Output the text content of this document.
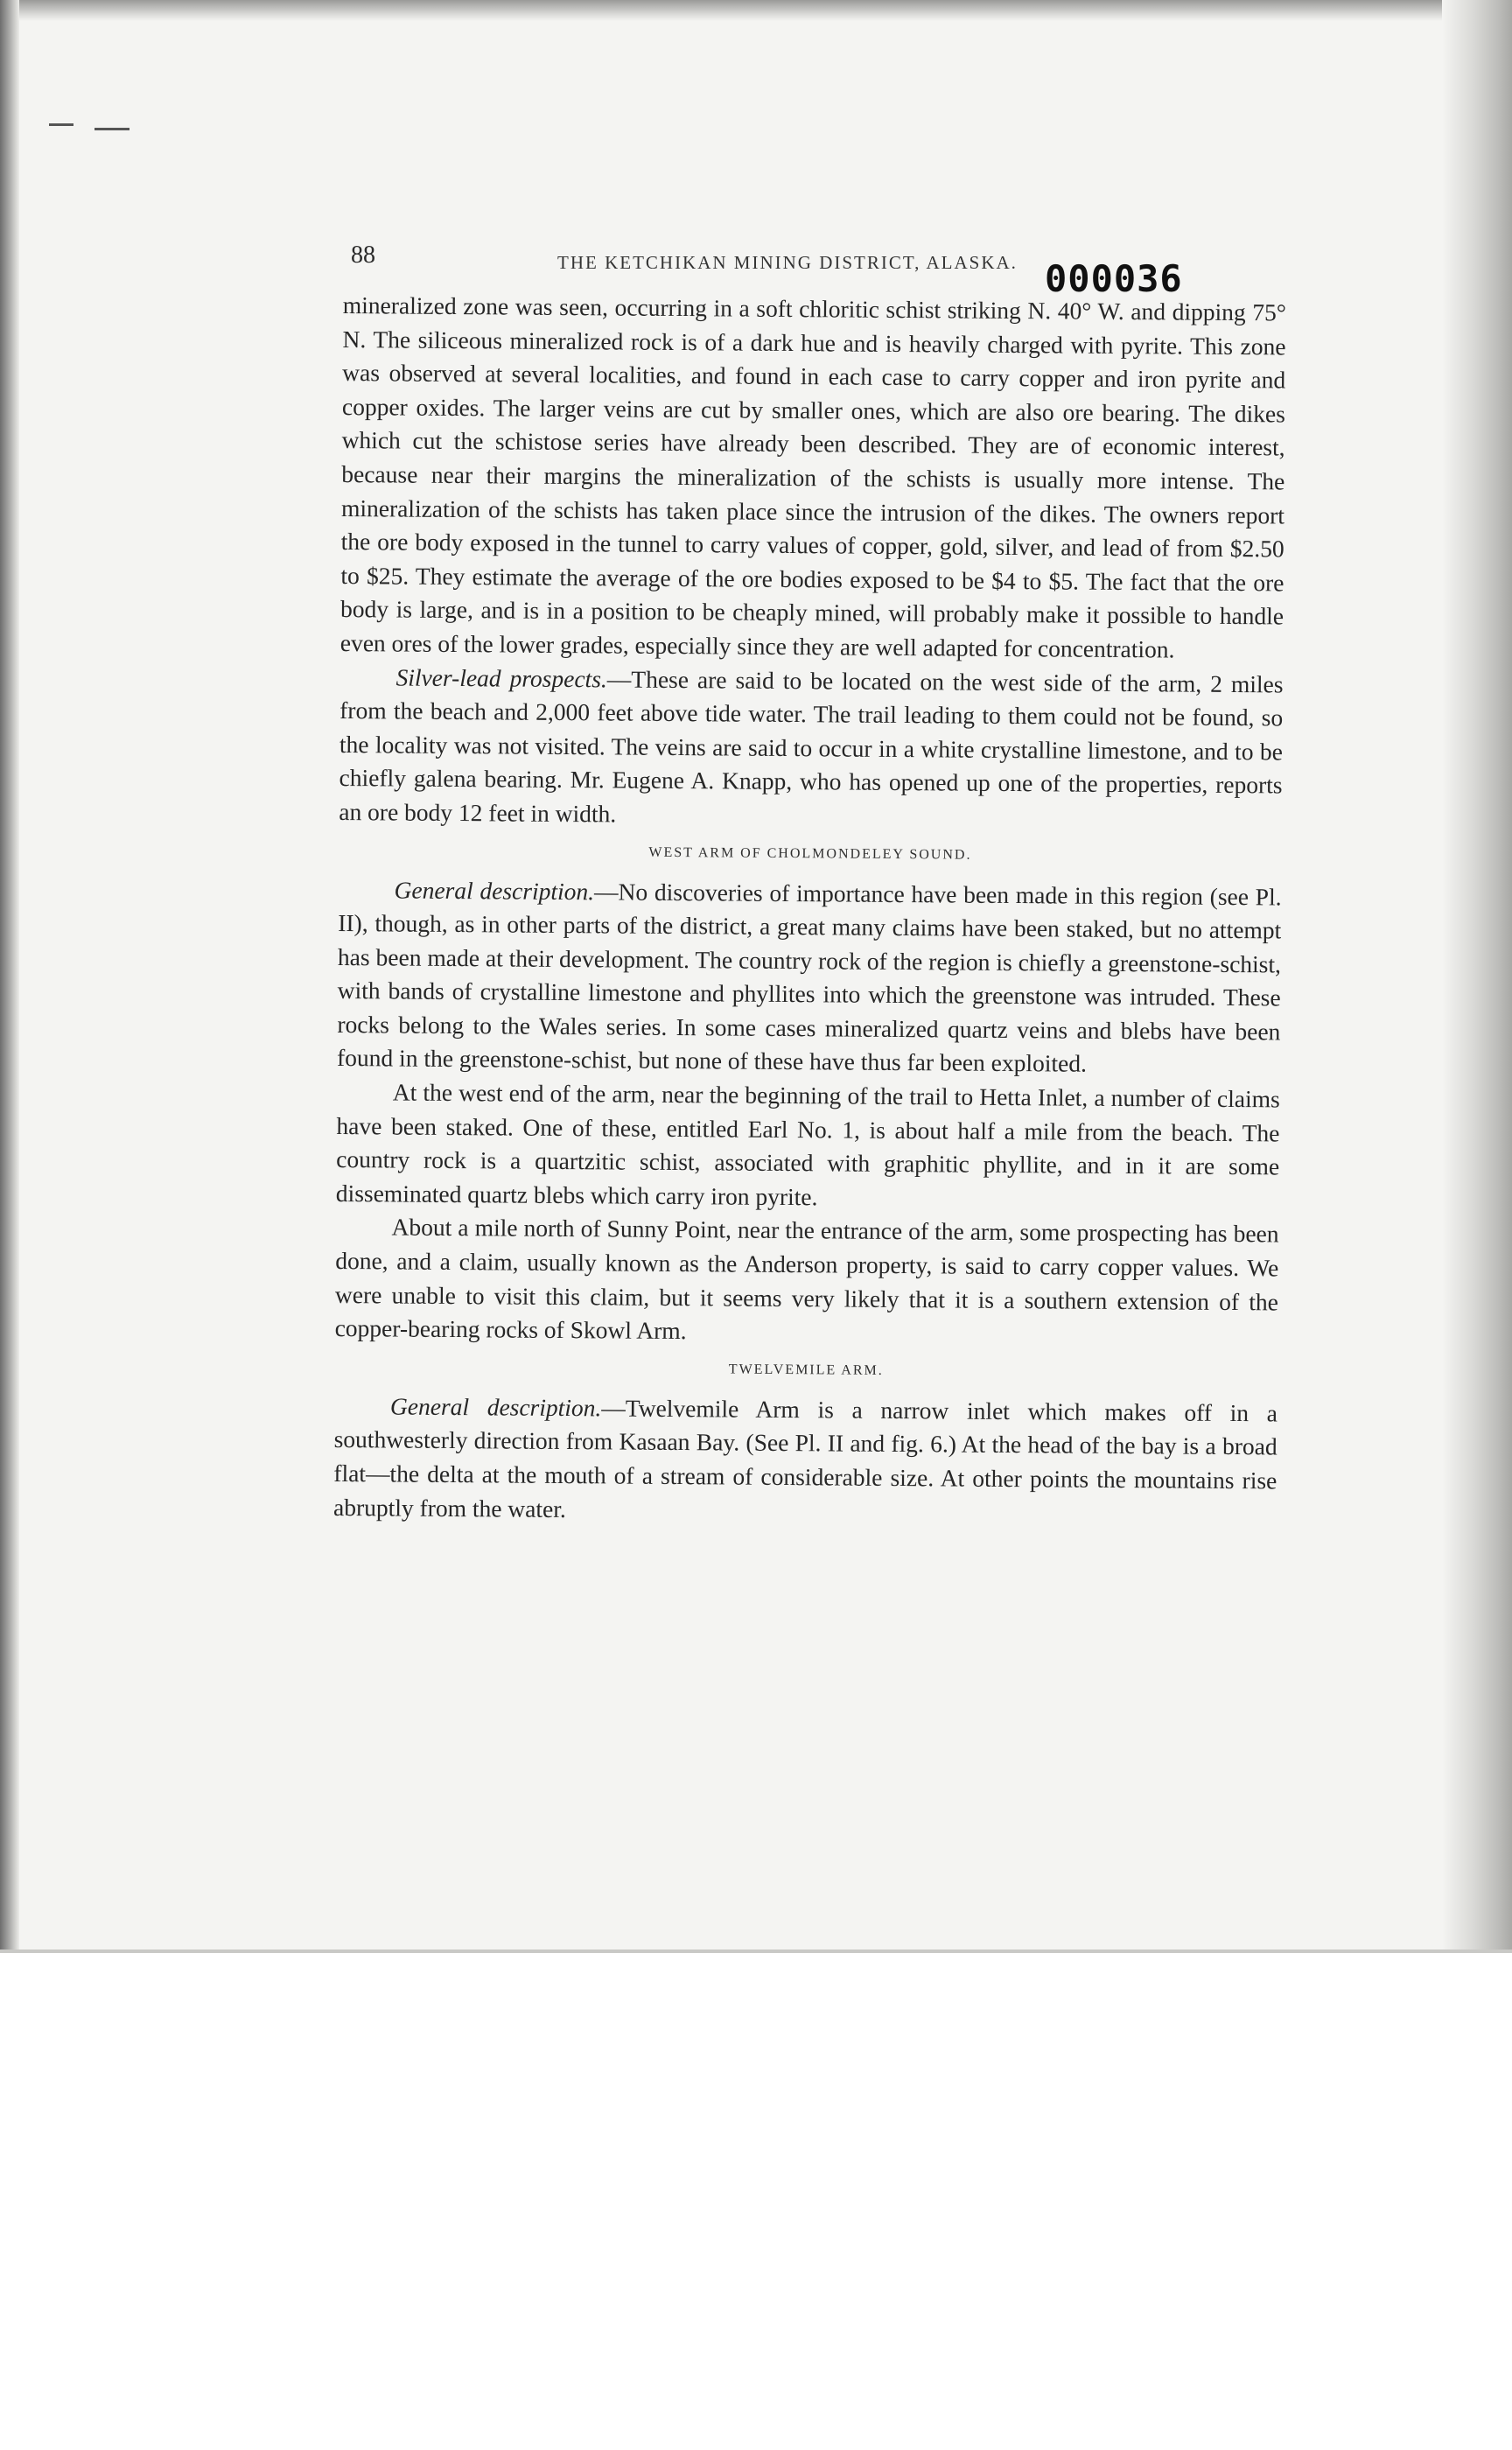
88	THE KETCHIKAN MINING DISTRICT, ALASKA. 000036

mineralized zone was seen, occurring in a soft chloritic schist striking N. 40° W. and dipping 75° N. The siliceous mineralized rock is of a dark hue and is heavily charged with pyrite. This zone was observed at several localities, and found in each case to carry copper and iron pyrite and copper oxides. The larger veins are cut by smaller ones, which are also ore bearing. The dikes which cut the schistose series have already been described. They are of economic interest, because near their margins the mineralization of the schists is usually more intense. The mineralization of the schists has taken place since the intrusion of the dikes. The owners report the ore body exposed in the tunnel to carry values of copper, gold, silver, and lead of from $2.50 to $25. They estimate the average of the ore bodies exposed to be $4 to $5. The fact that the ore body is large, and is in a position to be cheaply mined, will probably make it possible to handle even ores of the lower grades, especially since they are well adapted for concentration.

Silver-lead prospects.—These are said to be located on the west side of the arm, 2 miles from the beach and 2,000 feet above tide water. The trail leading to them could not be found, so the locality was not visited. The veins are said to occur in a white crystalline limestone, and to be chiefly galena bearing. Mr. Eugene A. Knapp, who has opened up one of the properties, reports an ore body 12 feet in width.

WEST ARM OF CHOLMONDELEY SOUND.

General description.—No discoveries of importance have been made in this region (see Pl. II), though, as in other parts of the district, a great many claims have been staked, but no attempt has been made at their development. The country rock of the region is chiefly a greenstone-schist, with bands of crystalline limestone and phyllites into which the greenstone was intruded. These rocks belong to the Wales series. In some cases mineralized quartz veins and blebs have been found in the greenstone-schist, but none of these have thus far been exploited.

At the west end of the arm, near the beginning of the trail to Hetta Inlet, a number of claims have been staked. One of these, entitled Earl No. 1, is about half a mile from the beach. The country rock is a quartzitic schist, associated with graphitic phyllite, and in it are some disseminated quartz blebs which carry iron pyrite.

About a mile north of Sunny Point, near the entrance of the arm, some prospecting has been done, and a claim, usually known as the Anderson property, is said to carry copper values. We were unable to visit this claim, but it seems very likely that it is a southern extension of the copper-bearing rocks of Skowl Arm.

TWELVEMILE ARM.

General description.—Twelvemile Arm is a narrow inlet which makes off in a southwesterly direction from Kasaan Bay. (See Pl. II and fig. 6.) At the head of the bay is a broad flat—the delta at the mouth of a stream of considerable size. At other points the mountains rise abruptly from the water.
